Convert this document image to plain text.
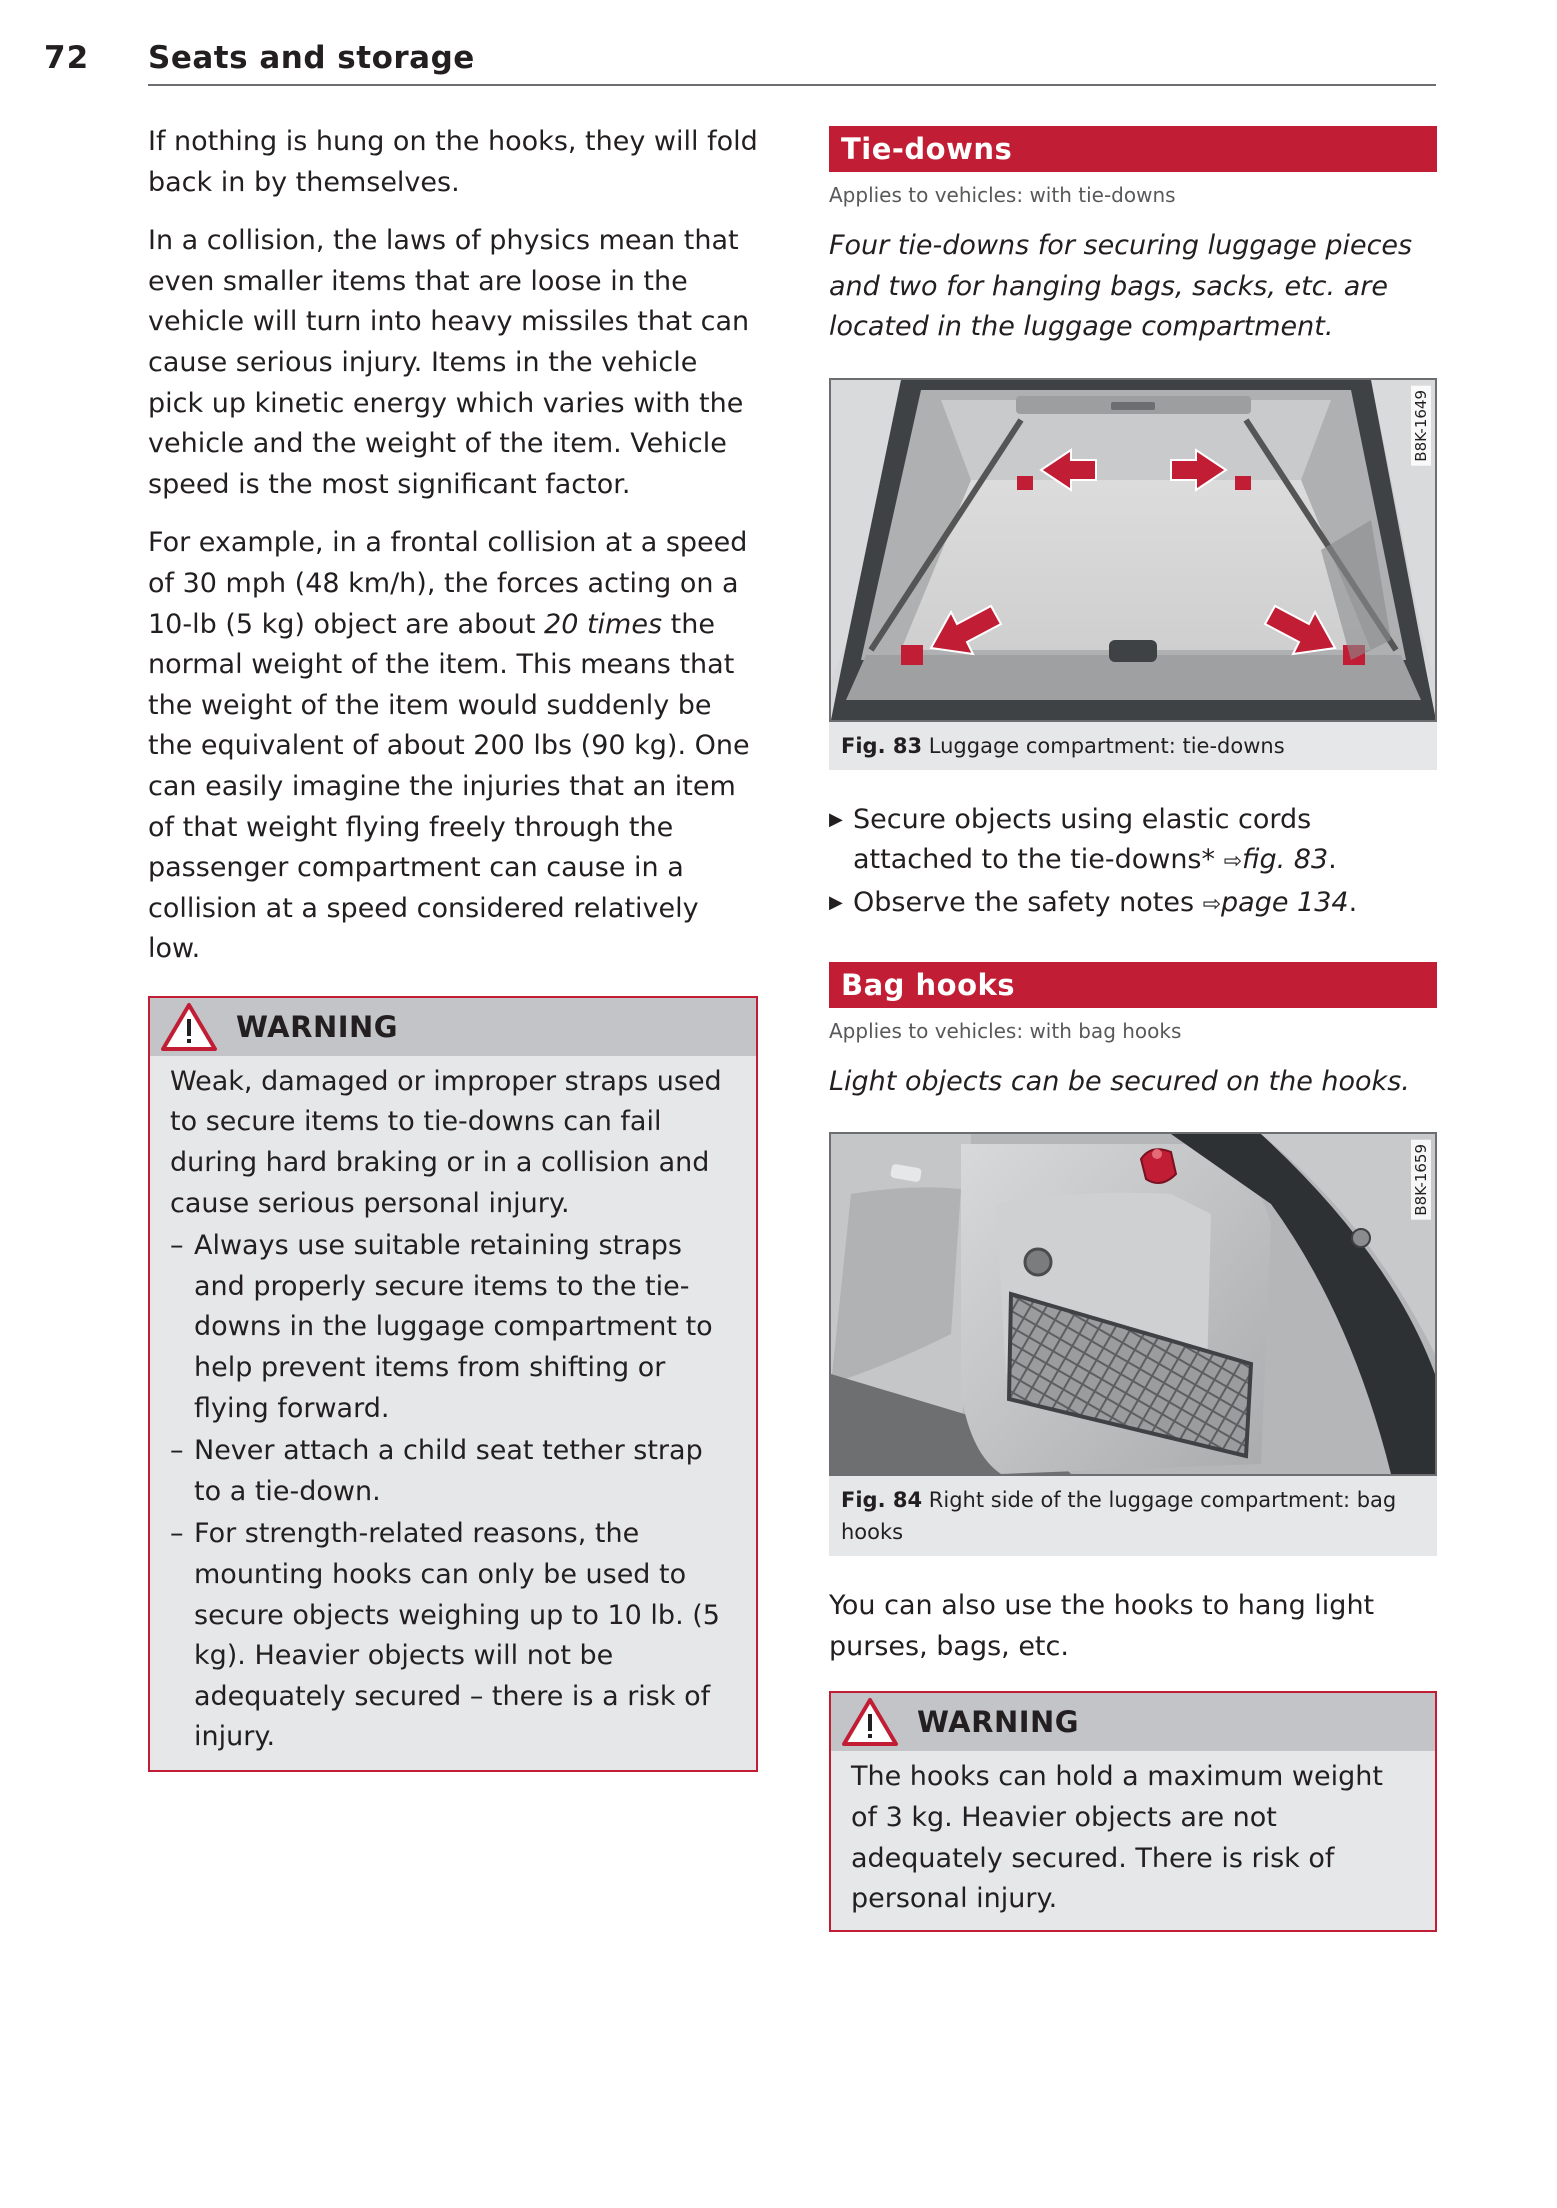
72 Seats and storage

If nothing is hung on the hooks, they will fold back in by themselves.

In a collision, the laws of physics mean that even smaller items that are loose in the vehicle will turn into heavy missiles that can cause serious injury. Items in the vehicle pick up kinetic energy which varies with the vehicle and the weight of the item. Vehicle speed is the most significant factor.

For example, in a frontal collision at a speed of 30 mph (48 km/h), the forces acting on a 10-lb (5 kg) object are about 20 times the normal weight of the item. This means that the weight of the item would suddenly be the equivalent of about 200 lbs (90 kg). One can easily imagine the injuries that an item of that weight flying freely through the passenger compartment can cause in a collision at a speed considered relatively low.

WARNING

Weak, damaged or improper straps used to secure items to tie-downs can fail during hard braking or in a collision and cause serious personal injury.

– Always use suitable retaining straps and properly secure items to the tie-downs in the luggage compartment to help prevent items from shifting or flying forward.
– Never attach a child seat tether strap to a tie-down.
– For strength-related reasons, the mounting hooks can only be used to secure objects weighing up to 10 lb. (5 kg). Heavier objects will not be adequately secured – there is a risk of injury.
Tie-downs
Applies to vehicles: with tie-downs

Four tie-downs for securing luggage pieces and two for hanging bags, sacks, etc. are located in the luggage compartment.

B8K-1649
Fig. 83 Luggage compartment: tie-downs
▶ Secure objects using elastic cords attached to the tie-downs* ⇨fig. 83.
▶ Observe the safety notes ⇨page 134.
Bag hooks
Applies to vehicles: with bag hooks

Light objects can be secured on the hooks.

B8K-1659
Fig. 84 Right side of the luggage compartment: bag hooks

You can also use the hooks to hang light purses, bags, etc.

WARNING

The hooks can hold a maximum weight of 3 kg. Heavier objects are not adequately secured. There is risk of personal injury.
